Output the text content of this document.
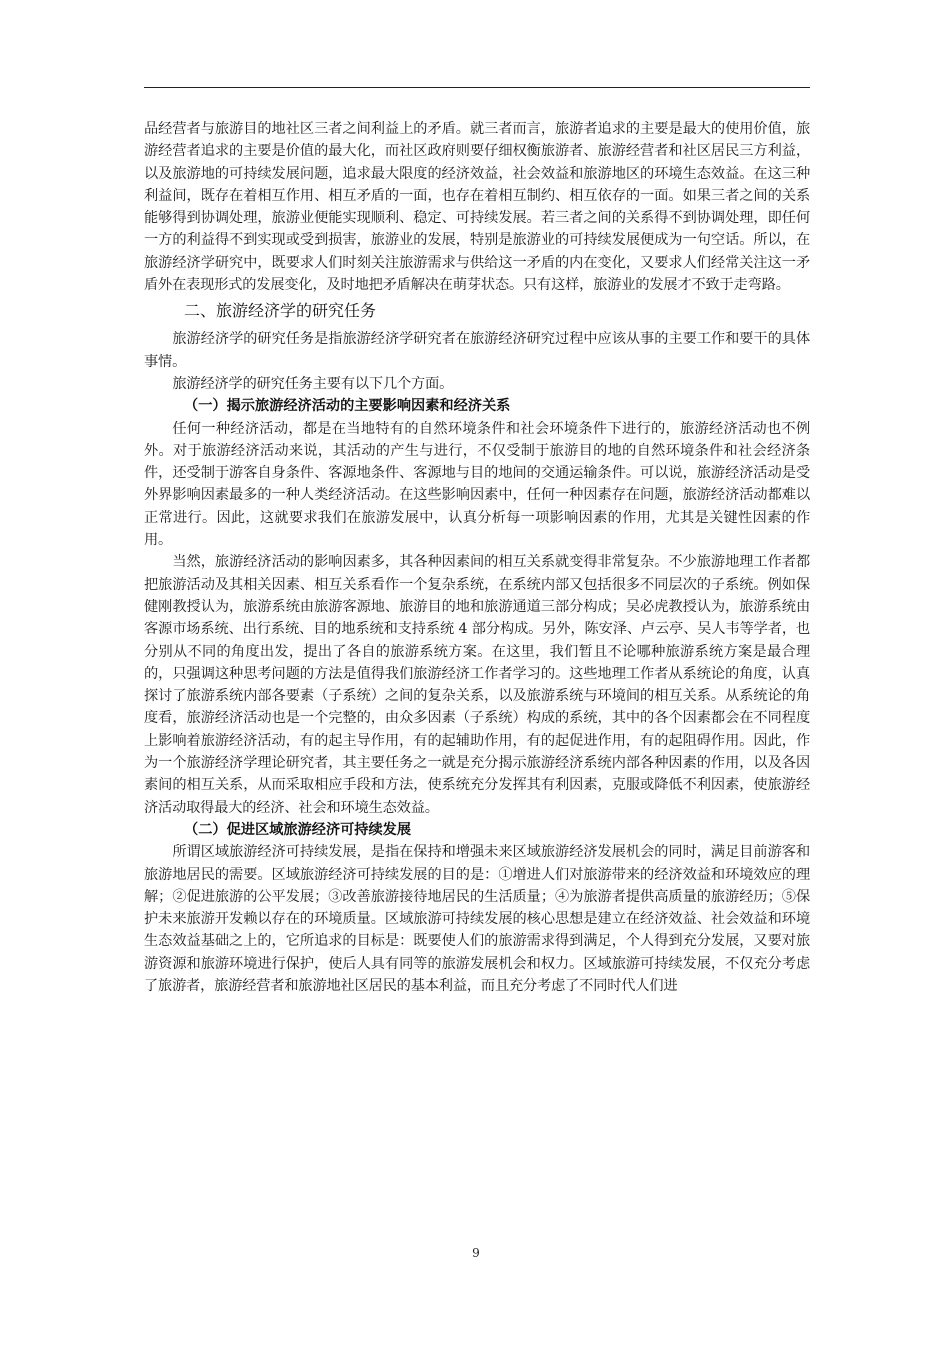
品经营者与旅游目的地社区三者之间利益上的矛盾。就三者而言，旅游者追求的主要是最大的使用价值，旅游经营者追求的主要是价值的最大化，而社区政府则要仔细权衡旅游者、旅游经营者和社区居民三方利益，以及旅游地的可持续发展问题，追求最大限度的经济效益，社会效益和旅游地区的环境生态效益。在这三种利益间，既存在着相互作用、相互矛盾的一面，也存在着相互制约、相互依存的一面。如果三者之间的关系能够得到协调处理，旅游业便能实现顺利、稳定、可持续发展。若三者之间的关系得不到协调处理，即任何一方的利益得不到实现或受到损害，旅游业的发展，特别是旅游业的可持续发展便成为一句空话。所以，在旅游经济学研究中，既要求人们时刻关注旅游需求与供给这一矛盾的内在变化，又要求人们经常关注这一矛盾外在表现形式的发展变化，及时地把矛盾解决在萌芽状态。只有这样，旅游业的发展才不致于走弯路。

二、旅游经济学的研究任务

旅游经济学的研究任务是指旅游经济学研究者在旅游经济研究过程中应该从事的主要工作和要干的具体事情。

旅游经济学的研究任务主要有以下几个方面。

（一）揭示旅游经济活动的主要影响因素和经济关系

任何一种经济活动，都是在当地特有的自然环境条件和社会环境条件下进行的，旅游经济活动也不例外。对于旅游经济活动来说，其活动的产生与进行，不仅受制于旅游目的地的自然环境条件和社会经济条件，还受制于游客自身条件、客源地条件、客源地与目的地间的交通运输条件。可以说，旅游经济活动是受外界影响因素最多的一种人类经济活动。在这些影响因素中，任何一种因素存在问题，旅游经济活动都难以正常进行。因此，这就要求我们在旅游发展中，认真分析每一项影响因素的作用，尤其是关键性因素的作用。

当然，旅游经济活动的影响因素多，其各种因素间的相互关系就变得非常复杂。不少旅游地理工作者都把旅游活动及其相关因素、相互关系看作一个复杂系统，在系统内部又包括很多不同层次的子系统。例如保健刚教授认为，旅游系统由旅游客源地、旅游目的地和旅游通道三部分构成；吴必虎教授认为，旅游系统由客源市场系统、出行系统、目的地系统和支持系统 4 部分构成。另外，陈安泽、卢云亭、吴人韦等学者，也分别从不同的角度出发，提出了各自的旅游系统方案。在这里，我们暂且不论哪种旅游系统方案是最合理的，只强调这种思考问题的方法是值得我们旅游经济工作者学习的。这些地理工作者从系统论的角度，认真探讨了旅游系统内部各要素（子系统）之间的复杂关系，以及旅游系统与环境间的相互关系。从系统论的角度看，旅游经济活动也是一个完整的，由众多因素（子系统）构成的系统，其中的各个因素都会在不同程度上影响着旅游经济活动，有的起主导作用，有的起辅助作用，有的起促进作用，有的起阻碍作用。因此，作为一个旅游经济学理论研究者，其主要任务之一就是充分揭示旅游经济系统内部各种因素的作用，以及各因素间的相互关系，从而采取相应手段和方法，使系统充分发挥其有利因素，克服或降低不利因素，使旅游经济活动取得最大的经济、社会和环境生态效益。

（二）促进区域旅游经济可持续发展

所谓区域旅游经济可持续发展，是指在保持和增强未来区域旅游经济发展机会的同时，满足目前游客和旅游地居民的需要。区域旅游经济可持续发展的目的是：①增进人们对旅游带来的经济效益和环境效应的理解；②促进旅游的公平发展；③改善旅游接待地居民的生活质量；④为旅游者提供高质量的旅游经历；⑤保护未来旅游开发赖以存在的环境质量。区域旅游可持续发展的核心思想是建立在经济效益、社会效益和环境生态效益基础之上的，它所追求的目标是：既要使人们的旅游需求得到满足，个人得到充分发展，又要对旅游资源和旅游环境进行保护，使后人具有同等的旅游发展机会和权力。区域旅游可持续发展，不仅充分考虑了旅游者，旅游经营者和旅游地社区居民的基本利益，而且充分考虑了不同时代人们进

9
